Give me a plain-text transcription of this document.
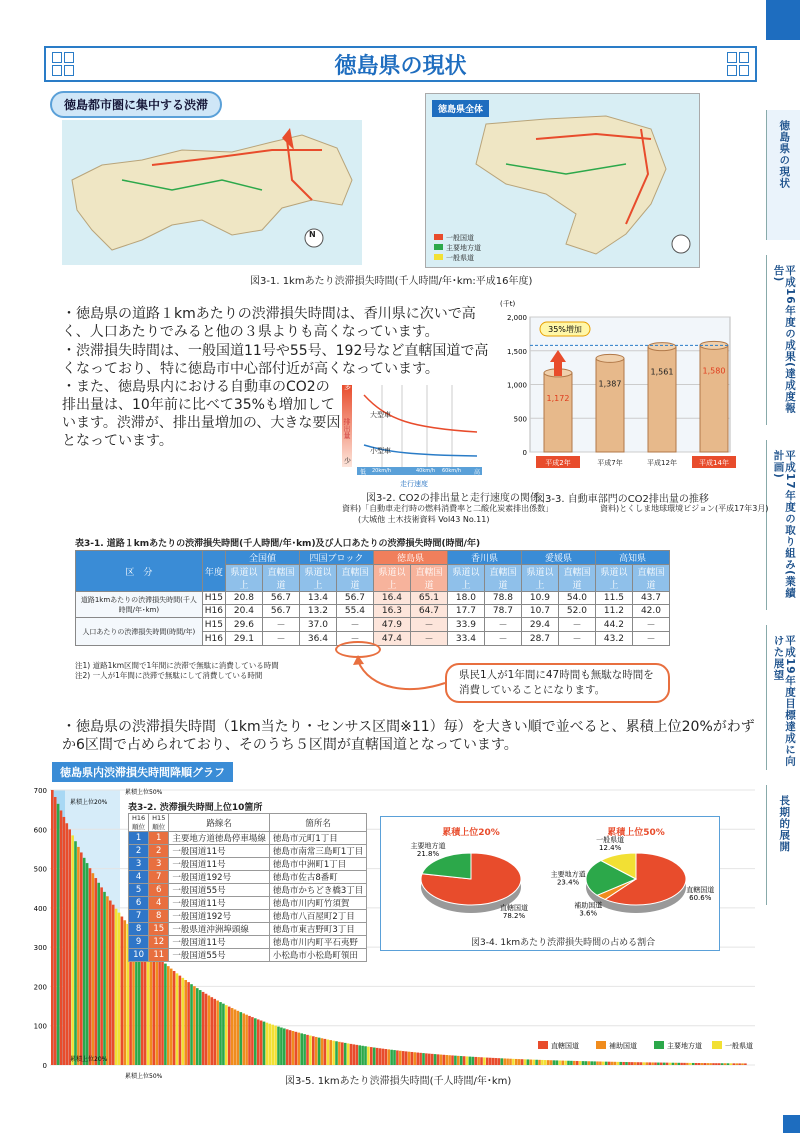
徳島県の現状
平成16年度の成果(達成度報告)
平成17年度の取り組み(業績計画)
平成19年度目標達成に向けた展望
長期的展開
徳島県の現状
徳島都市圏に集中する渋滞
N
徳島県全体
一般国道
主要地方道
一般県道
図3-1. 1kmあたり渋滞損失時間(千人時間/年･km:平成16年度)
・徳島県の道路１kmあたりの渋滞損失時間は、香川県に次いで高く、人口あたりでみると他の３県よりも高くなっています。
・渋滞損失時間は、一般国道11号や55号、192号など直轄国道で高くなっており、特に徳島市中心部付近が高くなっています。
・また、徳島県内における自動車のCO2の排出量は、10年前に比べて35%も増加しています。渋滞が、排出量増加の、大きな要因となっています。
多
排出量
少
大型車
小型車
低 20km/h	40km/h 60km/h 高
走行速度
図3-2. CO2の排出量と走行速度の関係
資料)「自動車走行時の燃料消費率と二酸化炭素排出係数」
(大城他 土木技術資料 Vol43 No.11)
(千t)
0
500
1,000
1,500
2,000
1,172
平成2年
1,387
平成7年
1,561
平成12年
1,580
平成14年
35%増加
図3-3. 自動車部門のCO2排出量の推移
資料)とくしま地球環境ビジョン(平成17年3月)
表3-1. 道路１kmあたりの渋滞損失時間(千人時間/年･km)及び人口あたりの渋滞損失時間(時間/年)
区　分	年度	全国値		四国ブロック		徳島県		香川県		愛媛県		高知県	
		県道以上	直轄国道	県道以上	直轄国道	県道以上	直轄国道	県道以上	直轄国道	県道以上	直轄国道	県道以上	直轄国道
道路1kmあたりの渋滞損失時間(千人時間/年･km)	H15	20.8	56.7	13.4	56.7	16.4	65.1	18.0	78.8	10.9	54.0	11.5	43.7
	H16	20.4	56.7	13.2	55.4	16.3	64.7	17.7	78.7	10.7	52.0	11.2	42.0
人口あたりの渋滞損失時間(時間/年)	H15	29.6	－	37.0	－	47.9	－	33.9	－	29.4	－	44.2	－
	H16	29.1	－	36.4	－	47.4	－	33.4	－	28.7	－	43.2	－
注1) 道路1km区間で1年間に渋滞で無駄に消費している時間
注2) 一人が1年間に渋滞で無駄にして消費している時間	県民1人が1年間に47時間も無駄な時間を消費していることになります。
・徳島県の渋滞損失時間（1km当たり・センサス区間※11）毎）を大きい順で並べると、累積上位20%がわずか6区間で占められており、そのうち５区間が直轄国道となっています。
徳島県内渋滞損失時間降順グラフ
0
100
200
300
400
500
600
700	累積上位50%
累積上位20%
累積上位20%
累積上位50%
直轄国道	補助国道	主要地方道	一般県道
図3-5. 1kmあたり渋滞損失時間(千人時間/年･km)
表3-2. 渋滞損失時間上位10箇所
H16順位	H15順位	路線名	箇所名
1	1	主要地方道徳島停車場線	徳島市元町1丁目
2	2	一般国道11号	徳島市南常三島町1丁目
3	3	一般国道11号	徳島市中洲町1丁目
4	7	一般国道192号	徳島市佐古8番町
5	6	一般国道55号	徳島市かちどき橋3丁目
6	4	一般国道11号	徳島市川内町竹須賀
7	8	一般国道192号	徳島市八百屋町2丁目
8	15	一般県道沖洲埠頭線	徳島市東吉野町3丁目
9	12	一般国道11号	徳島市川内町平石夷野
10	11	一般国道55号	小松島市小松島町領田
累積上位20%
直轄国道 78.2%
主要地方道 21.8%
累積上位50%
直轄国道 60.6%
補助国道 3.6%
主要地方道 23.4%
一般県道 12.4%
図3-4. 1kmあたり渋滞損失時間の占める割合
